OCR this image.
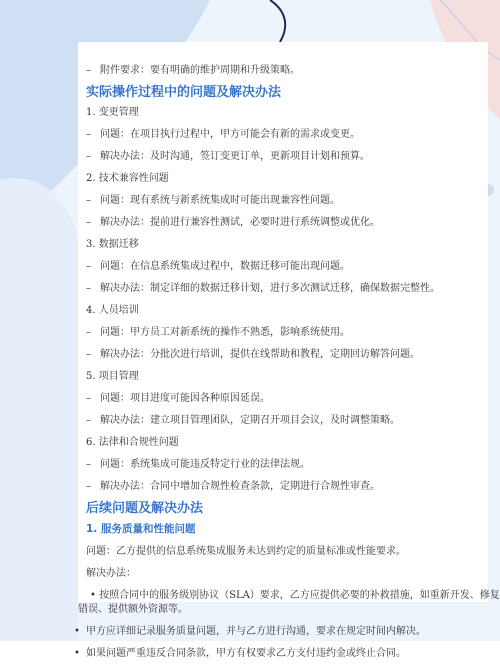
– 附件要求：要有明确的维护周期和升级策略。
实际操作过程中的问题及解决办法
1. 变更管理
– 问题：在项目执行过程中，甲方可能会有新的需求或变更。
– 解决办法：及时沟通，签订变更订单，更新项目计划和预算。
2. 技术兼容性问题
– 问题：现有系统与新系统集成时可能出现兼容性问题。
– 解决办法：提前进行兼容性测试，必要时进行系统调整或优化。
3. 数据迁移
– 问题：在信息系统集成过程中，数据迁移可能出现问题。
– 解决办法：制定详细的数据迁移计划，进行多次测试迁移，确保数据完整性。
4. 人员培训
– 问题：甲方员工对新系统的操作不熟悉，影响系统使用。
– 解决办法：分批次进行培训，提供在线帮助和教程，定期回访解答问题。
5. 项目管理
– 问题：项目进度可能因各种原因延误。
– 解决办法：建立项目管理团队，定期召开项目会议，及时调整策略。
6. 法律和合规性问题
– 问题：系统集成可能违反特定行业的法律法规。
– 解决办法：合同中增加合规性检查条款，定期进行合规性审查。
后续问题及解决办法
1. 服务质量和性能问题
问题：乙方提供的信息系统集成服务未达到约定的质量标准或性能要求。
解决办法：
• 按照合同中的服务级别协议（SLA）要求，乙方应提供必要的补救措施，如重新开发、修复错误、提供额外资源等。
• 甲方应详细记录服务质量问题，并与乙方进行沟通，要求在规定时间内解决。
• 如果问题严重违反合同条款，甲方有权要求乙方支付违约金或终止合同。
